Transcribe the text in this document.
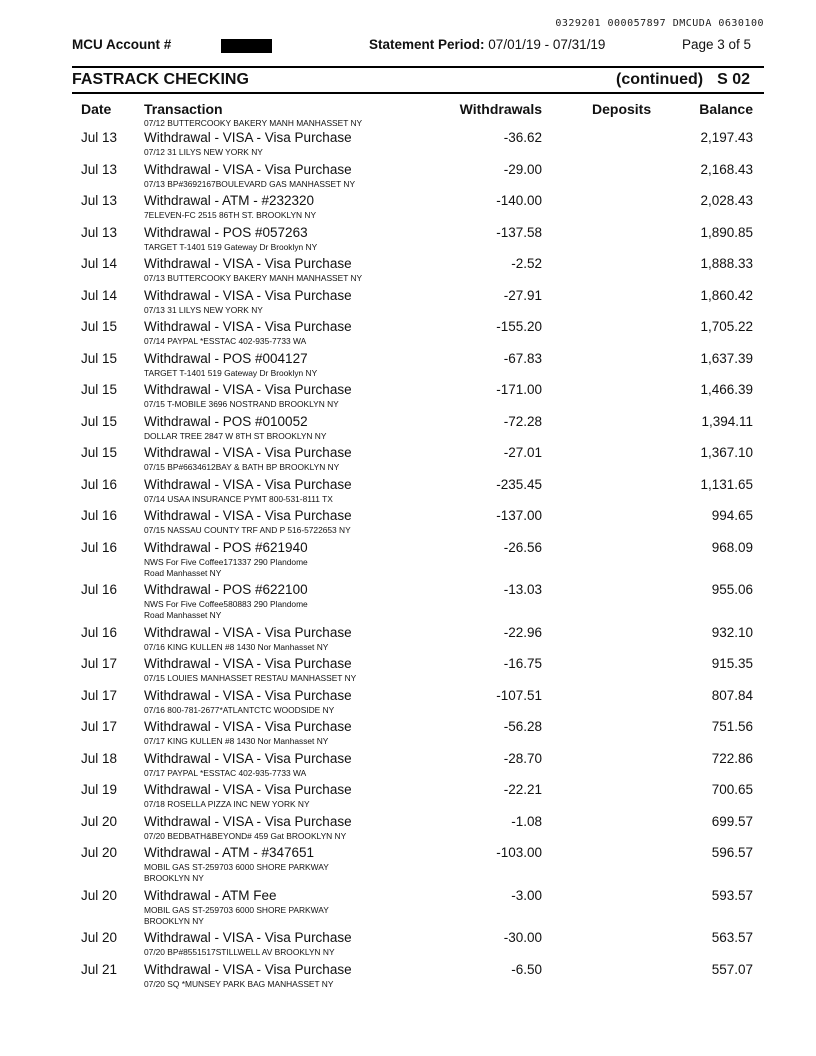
0329201 000057897 DMCUDA 0630100
MCU Account #	Statement Period: 07/01/19 - 07/31/19	Page 3 of 5
FASTRACK CHECKING	(continued) S 02
Date Transaction	Withdrawals	Deposits	Balance
07/12 BUTTERCOOKY BAKERY MANH MANHASSET NY
Jul 13 Withdrawal - VISA - Visa Purchase	-36.62	2,197.43
07/12 31 LILYS NEW YORK NY
Jul 13 Withdrawal - VISA - Visa Purchase	-29.00	2,168.43
07/13 BP#3692167BOULEVARD GAS MANHASSET NY
Jul 13 Withdrawal - ATM - #232320	-140.00	2,028.43
7ELEVEN-FC 2515 86TH ST. BROOKLYN NY
Jul 13 Withdrawal - POS #057263	-137.58	1,890.85
TARGET T-1401 519 Gateway Dr Brooklyn NY
Jul 14 Withdrawal - VISA - Visa Purchase	-2.52	1,888.33
07/13 BUTTERCOOKY BAKERY MANH MANHASSET NY
Jul 14 Withdrawal - VISA - Visa Purchase	-27.91	1,860.42
07/13 31 LILYS NEW YORK NY
Jul 15 Withdrawal - VISA - Visa Purchase	-155.20	1,705.22
07/14 PAYPAL *ESSTAC 402-935-7733 WA
Jul 15 Withdrawal - POS #004127	-67.83	1,637.39
TARGET T-1401 519 Gateway Dr Brooklyn NY
Jul 15 Withdrawal - VISA - Visa Purchase	-171.00	1,466.39
07/15 T-MOBILE 3696 NOSTRAND BROOKLYN NY
Jul 15 Withdrawal - POS #010052	-72.28	1,394.11
DOLLAR TREE 2847 W 8TH ST BROOKLYN NY
Jul 15 Withdrawal - VISA - Visa Purchase	-27.01	1,367.10
07/15 BP#6634612BAY & BATH BP BROOKLYN NY
Jul 16 Withdrawal - VISA - Visa Purchase	-235.45	1,131.65
07/14 USAA INSURANCE PYMT 800-531-8111 TX
Jul 16 Withdrawal - VISA - Visa Purchase	-137.00	994.65
07/15 NASSAU COUNTY TRF AND P 516-5722653 NY
Jul 16 Withdrawal - POS #621940	-26.56	968.09
NWS For Five Coffee171337 290 Plandome
Road Manhasset NY
Jul 16 Withdrawal - POS #622100	-13.03	955.06
NWS For Five Coffee580883 290 Plandome
Road Manhasset NY
Jul 16 Withdrawal - VISA - Visa Purchase	-22.96	932.10
07/16 KING KULLEN #8 1430 Nor Manhasset NY
Jul 17 Withdrawal - VISA - Visa Purchase	-16.75	915.35
07/15 LOUIES MANHASSET RESTAU MANHASSET NY
Jul 17 Withdrawal - VISA - Visa Purchase	-107.51	807.84
07/16 800-781-2677*ATLANTCTC WOODSIDE NY
Jul 17 Withdrawal - VISA - Visa Purchase	-56.28	751.56
07/17 KING KULLEN #8 1430 Nor Manhasset NY
Jul 18 Withdrawal - VISA - Visa Purchase	-28.70	722.86
07/17 PAYPAL *ESSTAC 402-935-7733 WA
Jul 19 Withdrawal - VISA - Visa Purchase	-22.21	700.65
07/18 ROSELLA PIZZA INC NEW YORK NY
Jul 20 Withdrawal - VISA - Visa Purchase	-1.08	699.57
07/20 BEDBATH&BEYOND# 459 Gat BROOKLYN NY
Jul 20 Withdrawal - ATM - #347651	-103.00	596.57
MOBIL GAS ST-259703 6000 SHORE PARKWAY
BROOKLYN NY
Jul 20 Withdrawal - ATM Fee	-3.00	593.57
MOBIL GAS ST-259703 6000 SHORE PARKWAY
BROOKLYN NY
Jul 20 Withdrawal - VISA - Visa Purchase	-30.00	563.57
07/20 BP#8551517STILLWELL AV BROOKLYN NY
Jul 21 Withdrawal - VISA - Visa Purchase	-6.50	557.07
07/20 SQ *MUNSEY PARK BAG MANHASSET NY
